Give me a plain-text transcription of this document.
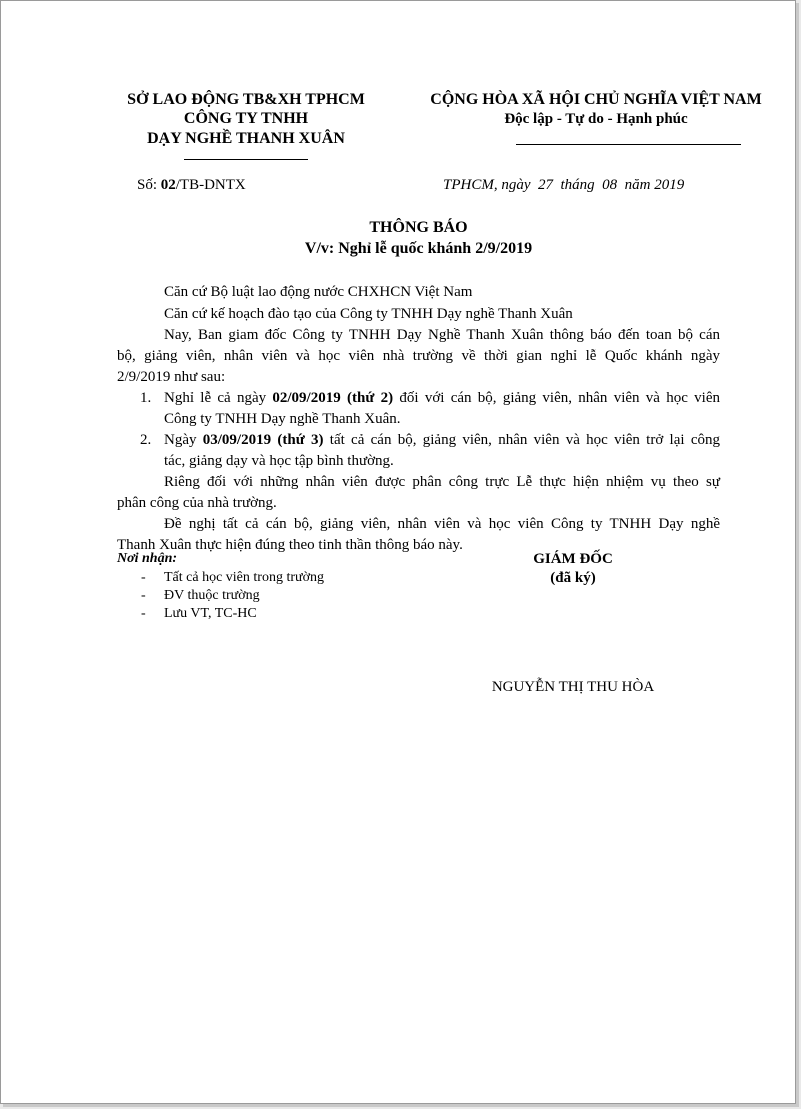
SỞ LAO ĐỘNG TB&XH TPHCM

CÔNG TY TNHH

DẠY NGHỀ THANH XUÂN

CỘNG HÒA XÃ HỘI CHỦ NGHĨA VIỆT NAM

Độc lập - Tự do - Hạnh phúc

Số: 02/TB-DNTX	TPHCM, ngày  27  tháng  08  năm 2019

THÔNG BÁO

V/v: Nghỉ lễ quốc khánh 2/9/2019

Căn cứ Bộ luật lao động nước CHXHCN Việt Nam
Căn cứ kế hoạch đào tạo của Công ty TNHH Dạy nghề Thanh Xuân
Nay, Ban giam đốc Công ty TNHH Dạy Nghề Thanh Xuân thông báo đến toan bộ cán
bộ, giảng viên, nhân viên và học viên nhà trường về thời gian nghỉ lễ Quốc khánh ngày
2/9/2019 như sau:
1. Nghỉ lễ cả ngày 02/09/2019 (thứ 2) đối với cán bộ, giảng viên, nhân viên và học viên
Công ty TNHH Dạy nghề Thanh Xuân.
2. Ngày 03/09/2019 (thứ 3) tất cả cán bộ, giảng viên, nhân viên và học viên trở lại công
tác, giảng dạy và học tập bình thường.
Riêng đối với những nhân viên được phân công trực Lễ thực hiện nhiệm vụ theo sự
phân công của nhà trường.
Đề nghị tất cả cán bộ, giảng viên, nhân viên và học viên Công ty TNHH Dạy nghề
Thanh Xuân thực hiện đúng theo tinh thần thông báo này.
Nơi nhận:
- Tất cả học viên trong trường
- ĐV thuộc trường
- Lưu VT, TC-HC
GIÁM ĐỐC
(đã ký)
NGUYỄN THỊ THU HÒA
